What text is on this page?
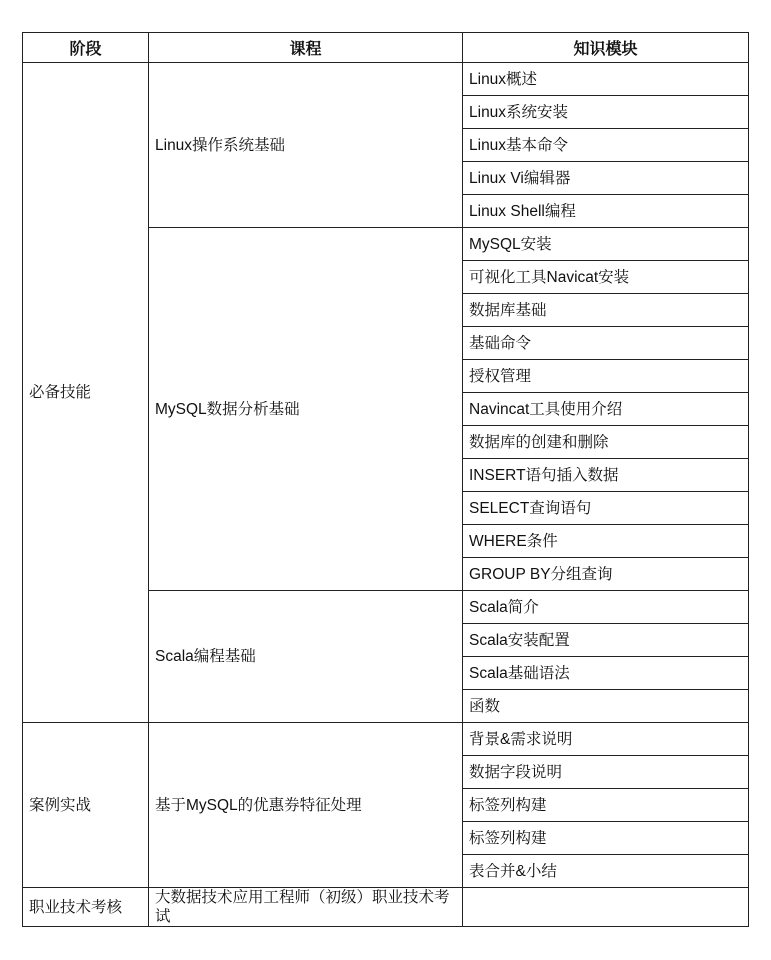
阶段	课程	知识模块
必备技能	Linux操作系统基础	Linux概述
		Linux系统安装
		Linux基本命令
		Linux Vi编辑器
		Linux Shell编程
	MySQL数据分析基础	MySQL安装
		可视化工具Navicat安装
		数据库基础
		基础命令
		授权管理
		Navincat工具使用介绍
		数据库的创建和删除
		INSERT语句插入数据
		SELECT查询语句
		WHERE条件
		GROUP BY分组查询
	Scala编程基础	Scala简介
		Scala安装配置
		Scala基础语法
		函数
案例实战	基于MySQL的优惠券特征处理	背景&需求说明
		数据字段说明
		标签列构建
		标签列构建
		表合并&小结
职业技术考核	大数据技术应用工程师（初级）职业技术考试	
